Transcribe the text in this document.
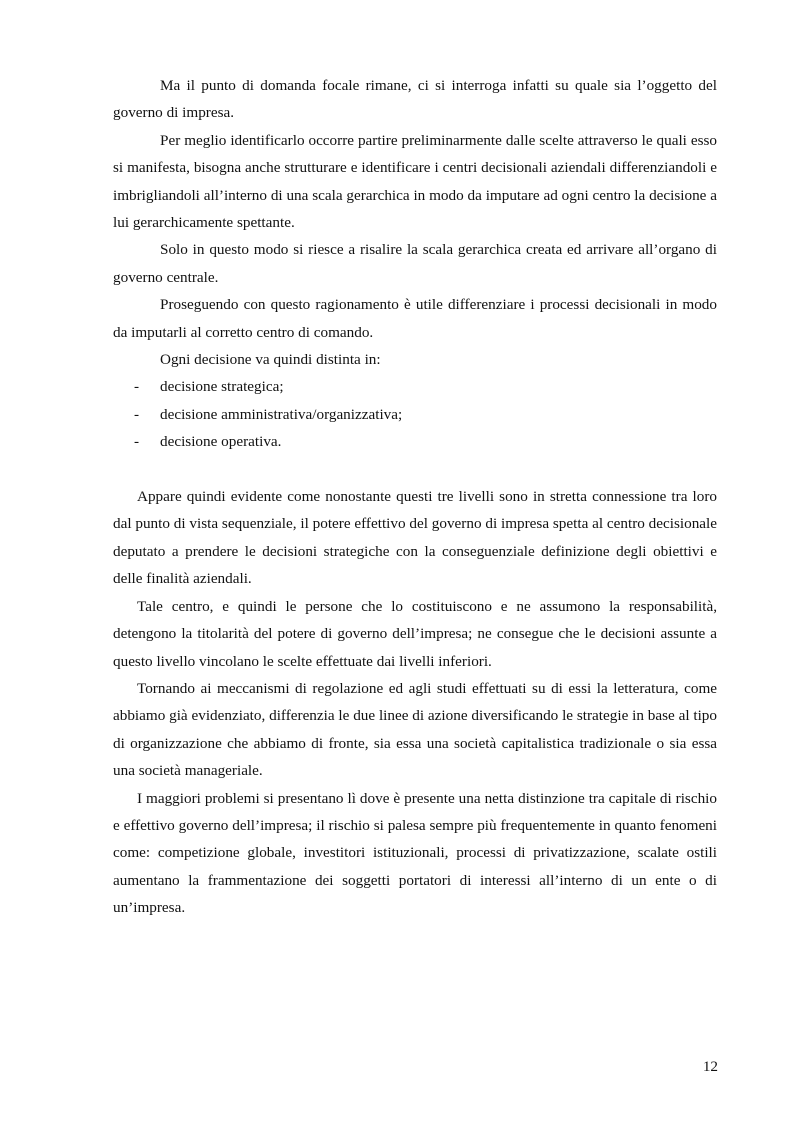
Ma il punto di domanda focale rimane, ci si interroga infatti su quale sia l’oggetto del governo di impresa.

Per meglio identificarlo occorre partire preliminarmente dalle scelte attraverso le quali esso si manifesta, bisogna anche strutturare e identificare i centri decisionali aziendali differenziandoli e imbrigliandoli all’interno di una scala gerarchica in modo da imputare ad ogni centro la decisione a lui gerarchicamente spettante.

Solo in questo modo si riesce a risalire la scala gerarchica creata ed arrivare all’organo di governo centrale.

Proseguendo con questo ragionamento è utile differenziare i processi decisionali in modo da imputarli al corretto centro di comando.

Ogni decisione va quindi distinta in:

- decisione strategica;
- decisione amministrativa/organizzativa;
- decisione operativa.

Appare quindi evidente come nonostante questi tre livelli sono in stretta connessione tra loro dal punto di vista sequenziale, il potere effettivo del governo di impresa spetta al centro decisionale deputato a prendere le decisioni strategiche con la conseguenziale definizione degli obiettivi e delle finalità aziendali.

Tale centro, e quindi le persone che lo costituiscono e ne assumono la responsabilità, detengono la titolarità del potere di governo dell’impresa; ne consegue che le decisioni assunte a questo livello vincolano le scelte effettuate dai livelli inferiori.

Tornando ai meccanismi di regolazione ed agli studi effettuati su di essi la letteratura, come abbiamo già evidenziato, differenzia le due linee di azione diversificando le strategie in base al tipo di organizzazione che abbiamo di fronte, sia essa una società capitalistica tradizionale o sia essa una società manageriale.

I maggiori problemi si presentano lì dove è presente una netta distinzione tra capitale di rischio e effettivo governo dell’impresa; il rischio si palesa sempre più frequentemente in quanto fenomeni come: competizione globale, investitori istituzionali, processi di privatizzazione, scalate ostili aumentano la frammentazione dei soggetti portatori di interessi all’interno di un ente o di un’impresa.

12
